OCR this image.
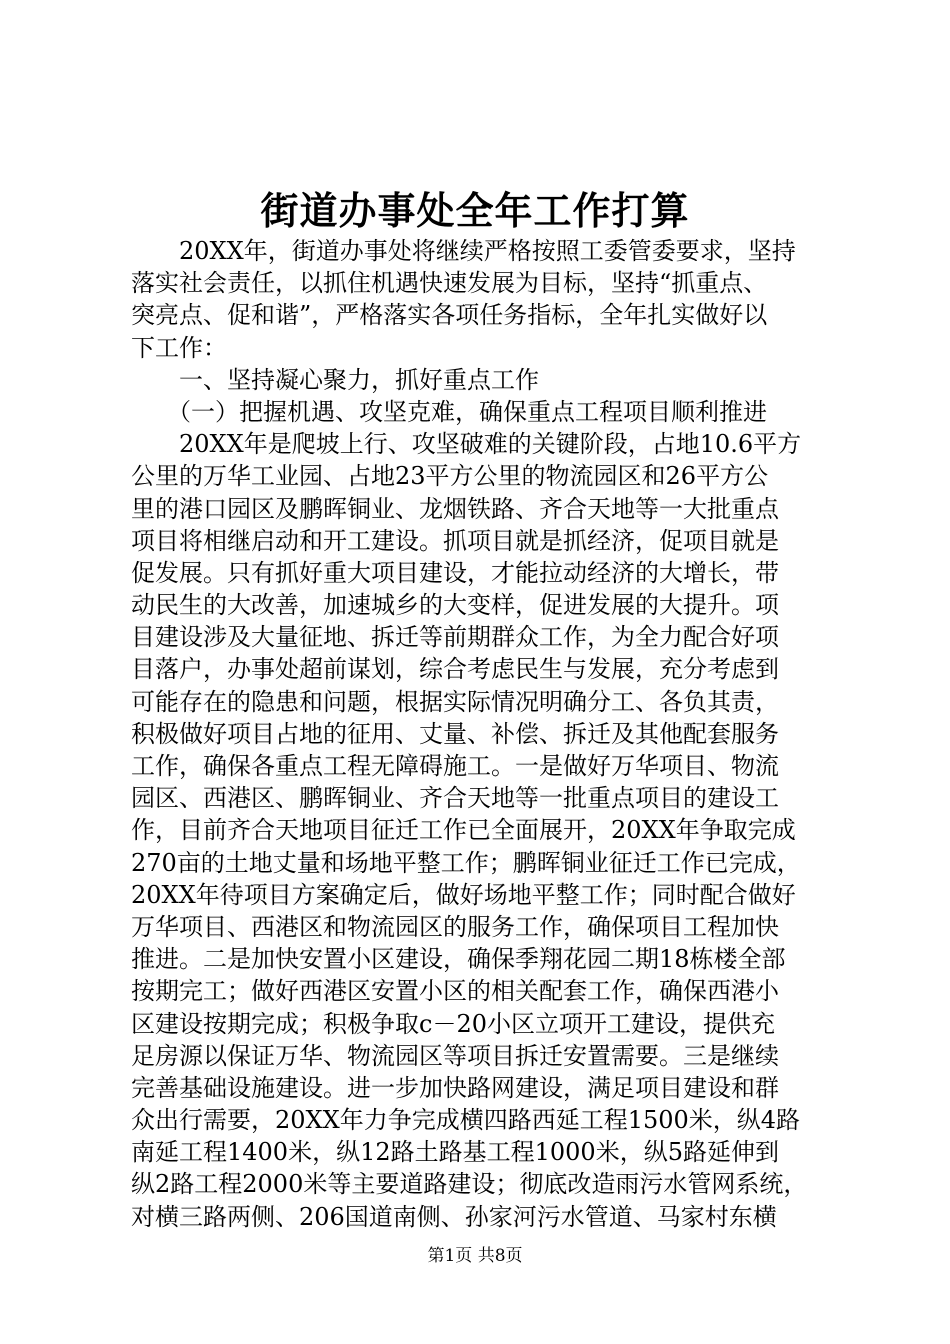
街道办事处全年工作打算
　　20XX年，街道办事处将继续严格按照工委管委要求，坚持
落实社会责任，以抓住机遇快速发展为目标，坚持“抓重点、
突亮点、促和谐”，严格落实各项任务指标，全年扎实做好以
下工作：
　　一、坚持凝心聚力，抓好重点工作
　　（一）把握机遇、攻坚克难，确保重点工程项目顺利推进
　　20XX年是爬坡上行、攻坚破难的关键阶段，占地10.6平方
公里的万华工业园、占地23平方公里的物流园区和26平方公
里的港口园区及鹏晖铜业、龙烟铁路、齐合天地等一大批重点
项目将相继启动和开工建设。抓项目就是抓经济，促项目就是
促发展。只有抓好重大项目建设，才能拉动经济的大增长，带
动民生的大改善，加速城乡的大变样，促进发展的大提升。项
目建设涉及大量征地、拆迁等前期群众工作，为全力配合好项
目落户，办事处超前谋划，综合考虑民生与发展，充分考虑到
可能存在的隐患和问题，根据实际情况明确分工、各负其责，
积极做好项目占地的征用、丈量、补偿、拆迁及其他配套服务
工作，确保各重点工程无障碍施工。一是做好万华项目、物流
园区、西港区、鹏晖铜业、齐合天地等一批重点项目的建设工
作，目前齐合天地项目征迁工作已全面展开，20XX年争取完成
270亩的土地丈量和场地平整工作；鹏晖铜业征迁工作已完成，
20XX年待项目方案确定后，做好场地平整工作；同时配合做好
万华项目、西港区和物流园区的服务工作，确保项目工程加快
推进。二是加快安置小区建设，确保季翔花园二期18栋楼全部
按期完工；做好西港区安置小区的相关配套工作，确保西港小
区建设按期完成；积极争取c－20小区立项开工建设，提供充
足房源以保证万华、物流园区等项目拆迁安置需要。三是继续
完善基础设施建设。进一步加快路网建设，满足项目建设和群
众出行需要，20XX年力争完成横四路西延工程1500米，纵4路
南延工程1400米，纵12路土路基工程1000米，纵5路延伸到
纵2路工程2000米等主要道路建设；彻底改造雨污水管网系统，
对横三路两侧、206国道南侧、孙家河污水管道、马家村东横
第1页 共8页
